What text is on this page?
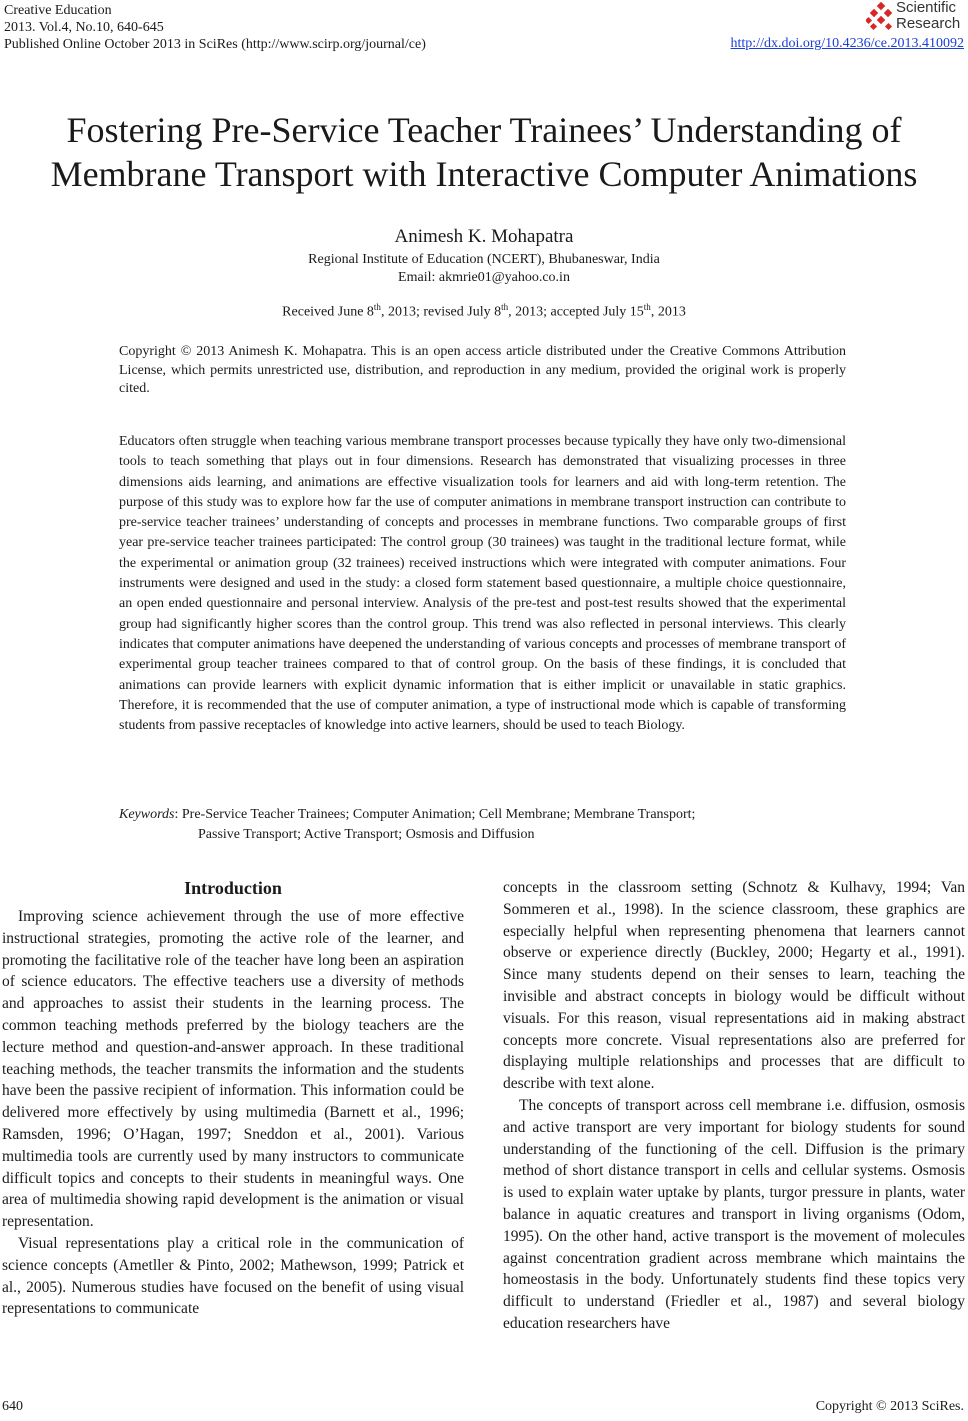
Creative Education
2013. Vol.4, No.10, 640-645
Published Online October 2013 in SciRes (http://www.scirp.org/journal/ce)	http://dx.doi.org/10.4236/ce.2013.410092
Scientific
Research
Fostering Pre-Service Teacher Trainees’ Understanding of
Membrane Transport with Interactive Computer Animations
Animesh K. Mohapatra
Regional Institute of Education (NCERT), Bhubaneswar, India
Email: akmrie01@yahoo.co.in
Received June 8th, 2013; revised July 8th, 2013; accepted July 15th, 2013
Copyright © 2013 Animesh K. Mohapatra. This is an open access article distributed under the Creative Commons Attribution License, which permits unrestricted use, distribution, and reproduction in any medium, provided the original work is properly cited.
Educators often struggle when teaching various membrane transport processes because typically they have only two-dimensional tools to teach something that plays out in four dimensions. Research has demonstrated that visualizing processes in three dimensions aids learning, and animations are effective visualization tools for learners and aid with long-term retention. The purpose of this study was to explore how far the use of computer animations in membrane transport instruction can contribute to pre-service teacher trainees’ understanding of concepts and processes in membrane functions. Two comparable groups of first year pre-service teacher trainees participated: The control group (30 trainees) was taught in the traditional lecture format, while the experimental or animation group (32 trainees) received instructions which were integrated with computer animations. Four instruments were designed and used in the study: a closed form statement based questionnaire, a multiple choice questionnaire, an open ended questionnaire and personal interview. Analysis of the pre-test and post-test results showed that the experimental group had significantly higher scores than the control group. This trend was also reflected in personal interviews. This clearly indicates that computer animations have deepened the understanding of various concepts and processes of membrane transport of experimental group teacher trainees compared to that of control group. On the basis of these findings, it is concluded that animations can provide learners with explicit dynamic information that is either implicit or unavailable in static graphics. Therefore, it is recommended that the use of computer animation, a type of instructional mode which is capable of transforming students from passive receptacles of knowledge into active learners, should be used to teach Biology.
Keywords: Pre-Service Teacher Trainees; Computer Animation; Cell Membrane; Membrane Transport;
Passive Transport; Active Transport; Osmosis and Diffusion
Introduction

Improving science achievement through the use of more effective instructional strategies, promoting the active role of the learner, and promoting the facilitative role of the teacher have long been an aspiration of science educators. The effective teachers use a diversity of methods and approaches to assist their students in the learning process. The common teaching methods preferred by the biology teachers are the lecture method and question-and-answer approach. In these traditional teaching methods, the teacher transmits the information and the students have been the passive recipient of information. This information could be delivered more effectively by using multimedia (Barnett et al., 1996; Ramsden, 1996; O’Hagan, 1997; Sneddon et al., 2001). Various multimedia tools are currently used by many instructors to communicate difficult topics and concepts to their students in meaningful ways. One area of multimedia showing rapid development is the animation or visual representation.

Visual representations play a critical role in the communication of science concepts (Ametller & Pinto, 2002; Mathewson, 1999; Patrick et al., 2005). Numerous studies have focused on the benefit of using visual representations to communicate

concepts in the classroom setting (Schnotz & Kulhavy, 1994; Van Sommeren et al., 1998). In the science classroom, these graphics are especially helpful when representing phenomena that learners cannot observe or experience directly (Buckley, 2000; Hegarty et al., 1991). Since many students depend on their senses to learn, teaching the invisible and abstract concepts in biology would be difficult without visuals. For this reason, visual representations aid in making abstract concepts more concrete. Visual representations also are preferred for displaying multiple relationships and processes that are difficult to describe with text alone.

The concepts of transport across cell membrane i.e. diffusion, osmosis and active transport are very important for biology students for sound understanding of the functioning of the cell. Diffusion is the primary method of short distance transport in cells and cellular systems. Osmosis is used to explain water uptake by plants, turgor pressure in plants, water balance in aquatic creatures and transport in living organisms (Odom, 1995). On the other hand, active transport is the movement of molecules against concentration gradient across membrane which maintains the homeostasis in the body. Unfortunately students find these topics very difficult to understand (Friedler et al., 1987) and several biology education researchers have

640	Copyright © 2013 SciRes.
